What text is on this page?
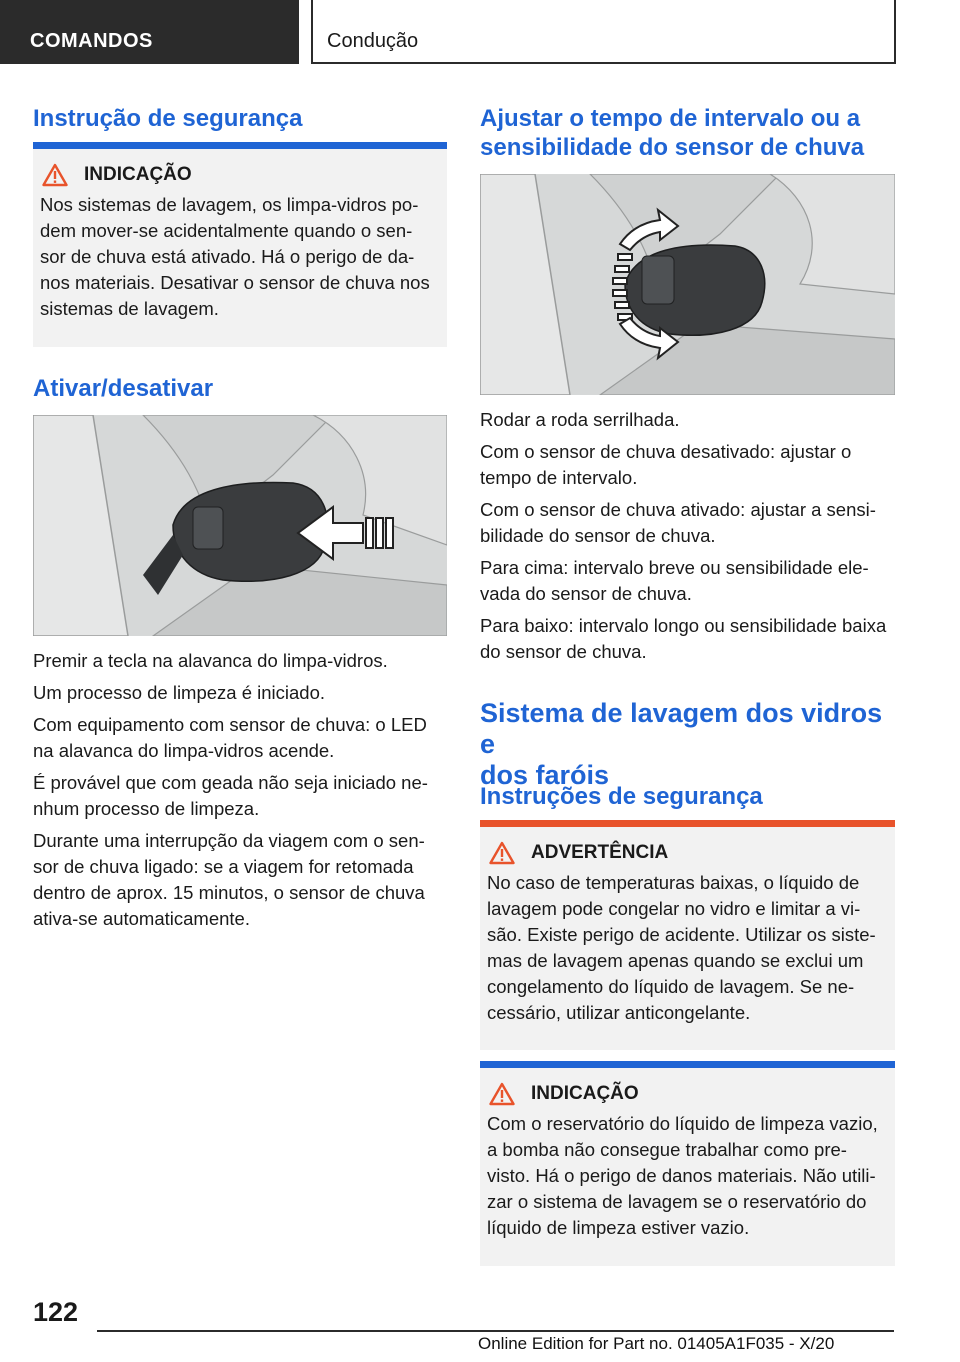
COMANDOS	Condução
Instrução de segurança
INDICAÇÃO
Nos sistemas de lavagem, os limpa-vidros po-
dem mover-se acidentalmente quando o sen-
sor de chuva está ativado. Há o perigo de da-
nos materiais. Desativar o sensor de chuva nos
sistemas de lavagem.
Ativar/desativar
Premir a tecla na alavanca do limpa-vidros.
Um processo de limpeza é iniciado.
Com equipamento com sensor de chuva: o LED
na alavanca do limpa-vidros acende.
É provável que com geada não seja iniciado ne-
nhum processo de limpeza.
Durante uma interrupção da viagem com o sen-
sor de chuva ligado: se a viagem for retomada
dentro de aprox. 15 minutos, o sensor de chuva
ativa-se automaticamente.
Ajustar o tempo de intervalo ou a
sensibilidade do sensor de chuva
Rodar a roda serrilhada.
Com o sensor de chuva desativado: ajustar o
tempo de intervalo.
Com o sensor de chuva ativado: ajustar a sensi-
bilidade do sensor de chuva.
Para cima: intervalo breve ou sensibilidade ele-
vada do sensor de chuva.
Para baixo: intervalo longo ou sensibilidade baixa
do sensor de chuva.
Sistema de lavagem dos vidros e
dos faróis
Instruções de segurança
ADVERTÊNCIA
No caso de temperaturas baixas, o líquido de
lavagem pode congelar no vidro e limitar a vi-
são. Existe perigo de acidente. Utilizar os siste-
mas de lavagem apenas quando se exclui um
congelamento do líquido de lavagem. Se ne-
cessário, utilizar anticongelante.
INDICAÇÃO
Com o reservatório do líquido de limpeza vazio,
a bomba não consegue trabalhar como pre-
visto. Há o perigo de danos materiais. Não utili-
zar o sistema de lavagem se o reservatório do
líquido de limpeza estiver vazio.
122
Online Edition for Part no. 01405A1F035 - X/20
